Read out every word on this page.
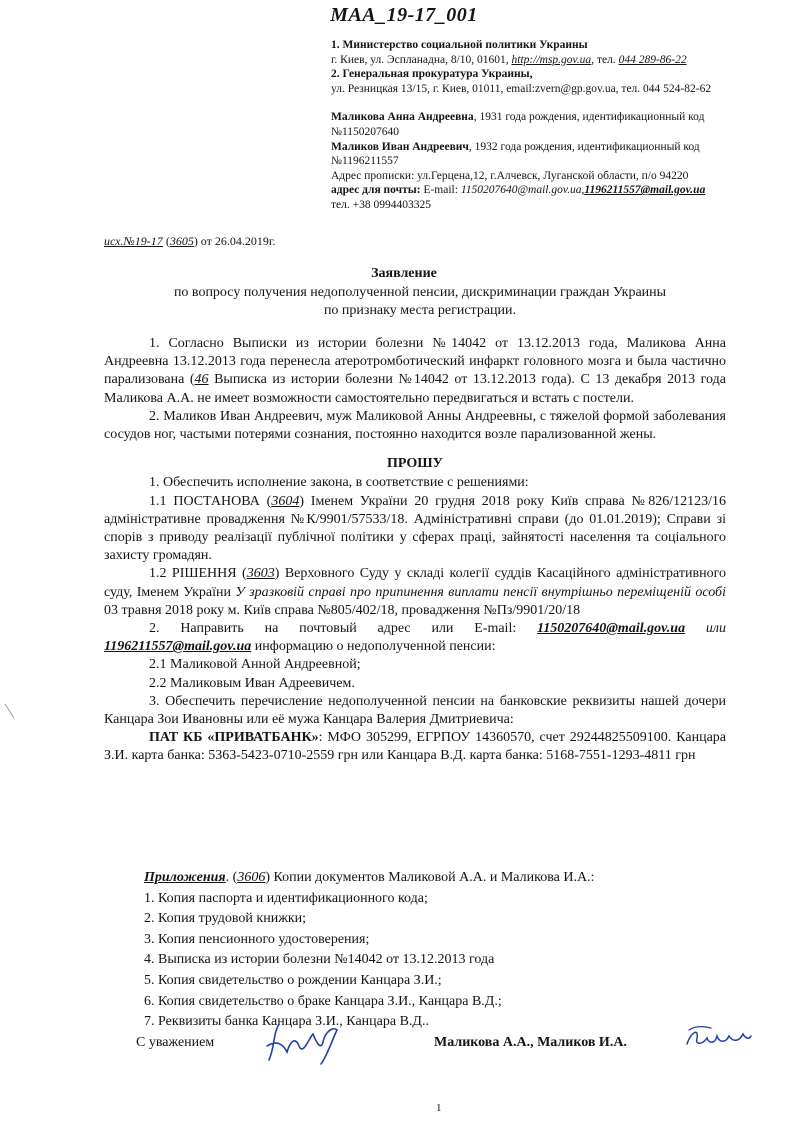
MAA_19-17_001

1. Министерство социальной политики Украины

г. Киев, ул. Эспланадна, 8/10, 01601, http://msp.gov.ua, тел. 044 289-86-22

2. Генеральная прокуратура Украины,

ул. Резницкая 13/15, г. Киев, 01011, email:zvern@gp.gov.ua, тел. 044 524-82-62

Маликова Анна Андреевна, 1931 года рождения, идентификационный код №1150207640

Маликов Иван Андреевич, 1932 года рождения, идентификационный код №1196211557

Адрес прописки: ул.Герцена,12, г.Алчевск, Луганской области, п/о 94220

адрес для почты: E-mail: 1150207640@mail.gov.ua,1196211557@mail.gov.ua

тел. +38 0994403325

исх.№19-17 (3605) от 26.04.2019г.
Заявление
по вопросу получения недополученной пенсии, дискриминации граждан Украины
по признаку места регистрации.

1. Согласно Выписки из истории болезни №14042 от 13.12.2013 года, Маликова Анна Андреевна 13.12.2013 года перенесла атеротромботический инфаркт головного мозга и была частично парализована (46 Выписка из истории болезни №14042 от 13.12.2013 года). С 13 декабря 2013 года Маликова А.А. не имеет возможности самостоятельно передвигаться и встать с постели.

2. Маликов Иван Андреевич, муж Маликовой Анны Андреевны, с тяжелой формой заболевания сосудов ног, частыми потерями сознания, постоянно находится возле парализованной жены.

ПРОШУ

1. Обеспечить исполнение закона, в соответствие с решениями:

1.1 ПОСТАНОВА (3604) Іменем України 20 грудня 2018 року Київ справа №826/12123/16 адміністративне провадження №К/9901/57533/18. Адміністративні справи (до 01.01.2019); Справи зі спорів з приводу реалізації публічної політики у сферах праці, зайнятості населення та соціального захисту громадян.

1.2 РІШЕННЯ (3603) Верховного Суду у складі колегії суддів Касаційного адміністративного суду, Іменем України У зразковій справі про припинення виплати пенсії внутрішньо переміщеній особі 03 травня 2018 року м. Київ справа №805/402/18, провадження №Пз/9901/20/18

2. Направить на почтовый адрес или E-mail: 1150207640@mail.gov.ua или 1196211557@mail.gov.ua информацию о недополученной пенсии:

2.1 Маликовой Анной Андреевной;

2.2 Маликовым Иван Адреевичем.

3. Обеспечить перечисление недополученной пенсии на банковские реквизиты нашей дочери Канцара Зои Ивановны или её мужа Канцара Валерия Дмитриевича:

ПАТ КБ «ПРИВАТБАНК»: МФО 305299, ЕГРПОУ 14360570, счет 29244825509100. Канцара З.И. карта банка: 5363-5423-0710-2559 грн или Канцара В.Д. карта банка: 5168-7551-1293-4811 грн

Приложения. (3606) Копии документов Маликовой А.А. и Маликова И.А.:

1. Копия паспорта и идентификационного кода;

2. Копия трудовой книжки;

3. Копия пенсионного удостоверения;

4. Выписка из истории болезни №14042 от 13.12.2013 года

5. Копия свидетельство о рождении Канцара З.И.;

6. Копия свидетельство о браке Канцара З.И., Канцара В.Д.;

7. Реквизиты банка Канцара З.И., Канцара В.Д..

С уважением	Маликова А.А., Маликов И.А.
1
